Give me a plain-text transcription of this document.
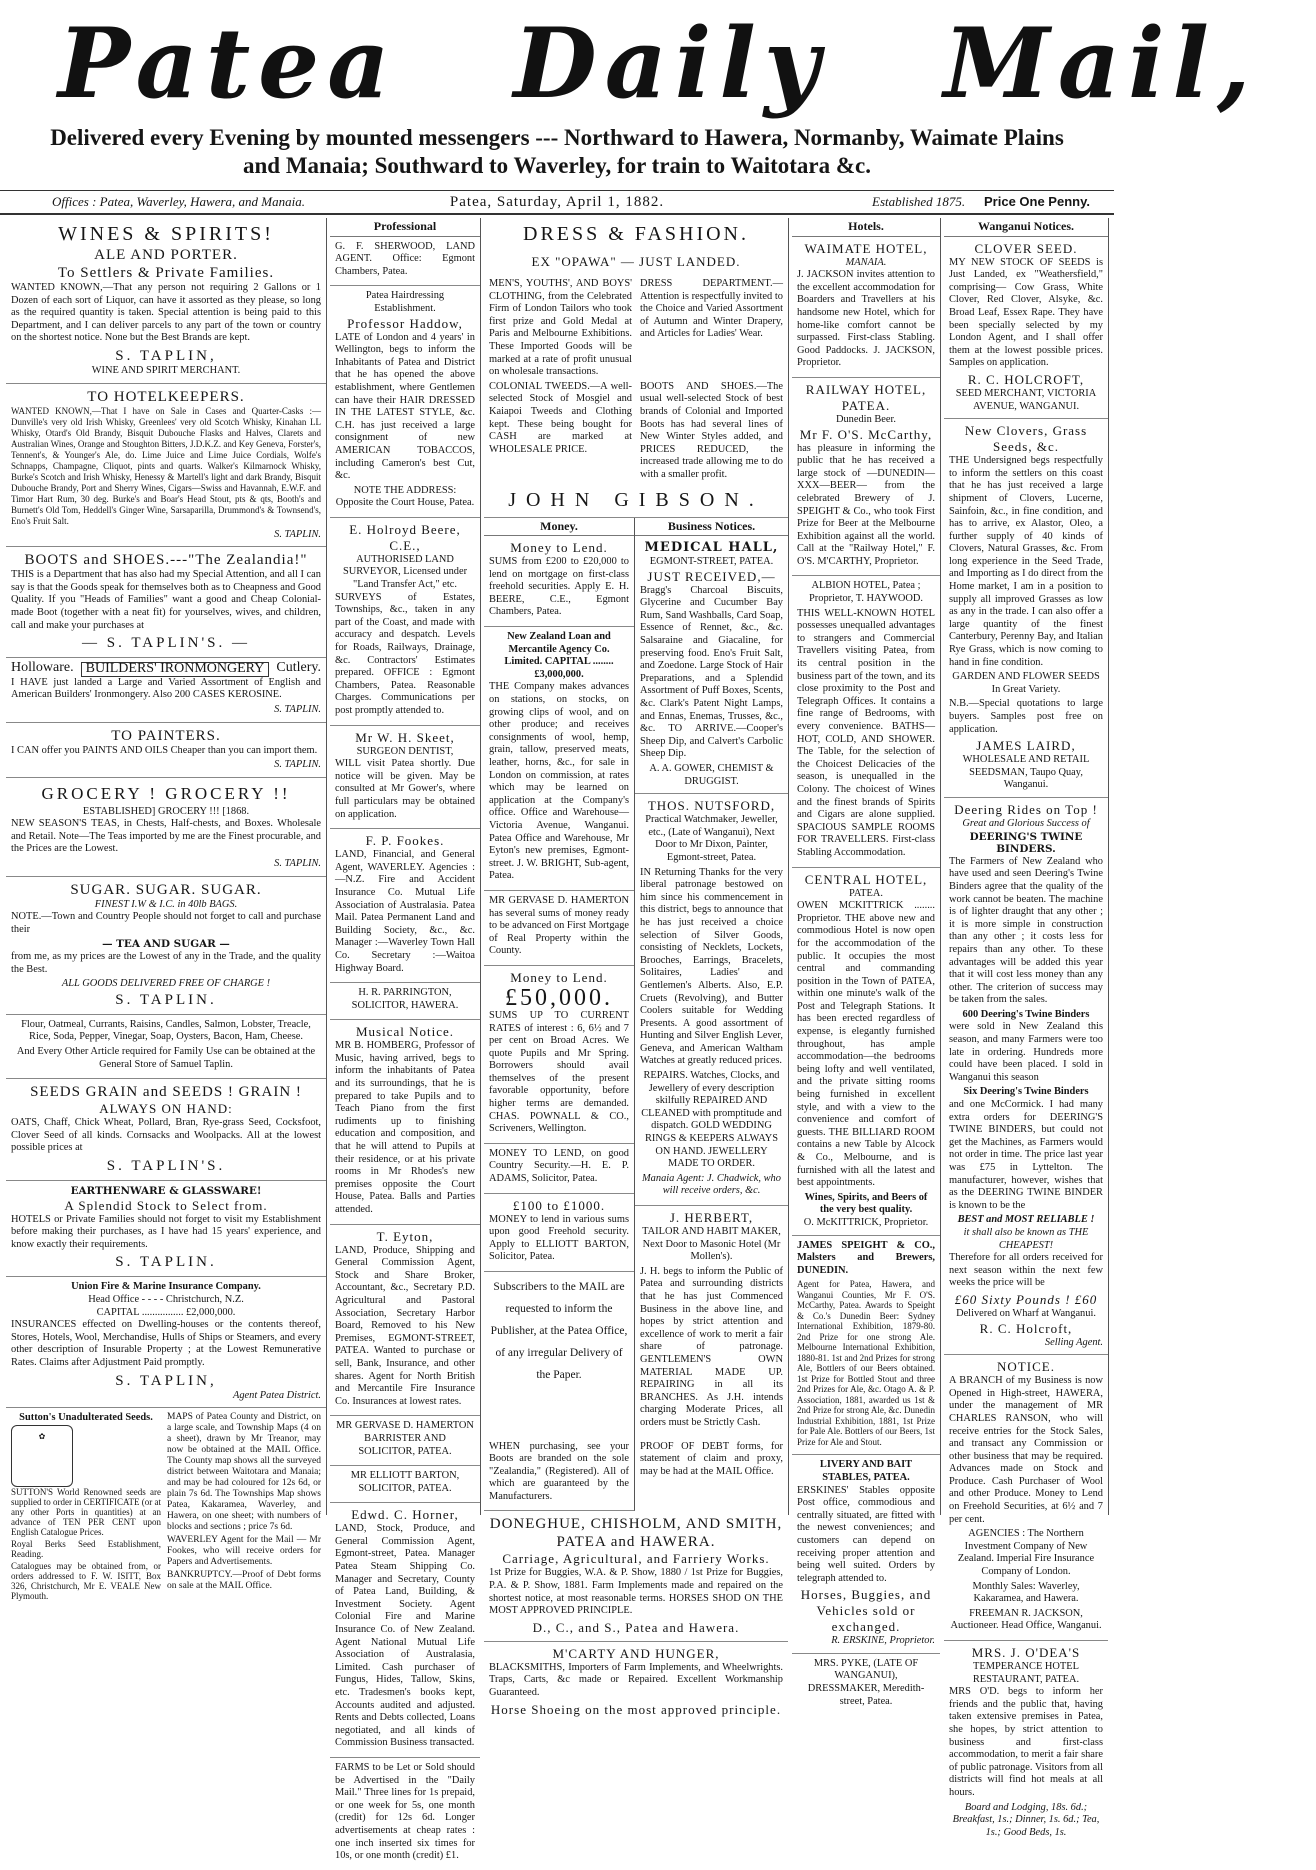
Patea Daily Mail,
Delivered every Evening by mounted messengers --- Northward to Hawera, Normanby, Waimate Plains
and Manaia; Southward to Waverley, for train to Waitotara &c.
Offices : Patea, Waverley, Hawera, and Manaia.	Patea, Saturday, April 1, 1882.	Established 1875. Price One Penny.
WINES & SPIRITS!
ALE AND PORTER.
To Settlers & Private Families.

WANTED KNOWN,—That any person not requiring 2 Gallons or 1 Dozen of each sort of Liquor, can have it assorted as they please, so long as the required quantity is taken. Special attention is being paid to this Department, and I can deliver parcels to any part of the town or country on the shortest notice. None but the Best Brands are kept.

S. TAPLIN,
WINE AND SPIRIT MERCHANT.
TO HOTELKEEPERS.

WANTED KNOWN,—That I have on Sale in Cases and Quarter-Casks :— Dunville's very old Irish Whisky, Greenlees' very old Scotch Whisky, Kinahan LL Whisky, Otard's Old Brandy, Bisquit Dubouche Flasks and Halves, Clarets and Australian Wines, Orange and Stoughton Bitters, J.D.K.Z. and Key Geneva, Forster's, Tennent's, & Younger's Ale, do. Lime Juice and Lime Juice Cordials, Wolfe's Schnapps, Champagne, Cliquot, pints and quarts. Walker's Kilmarnock Whisky, Burke's Scotch and Irish Whisky, Henessy & Martell's light and dark Brandy, Bisquit Dubouche Brandy, Port and Sherry Wines, Cigars—Swiss and Havannah, E.W.F. and Timor Hart Rum, 30 deg. Burke's and Boar's Head Stout, pts & qts, Booth's and Burnett's Old Tom, Heddell's Ginger Wine, Sarsaparilla, Drummond's & Townsend's, Eno's Fruit Salt.

S. TAPLIN.
BOOTS and SHOES.---"The Zealandia!"

THIS is a Department that has also had my Special Attention, and all I can say is that the Goods speak for themselves both as to Cheapness and Good Quality. If you "Heads of Families" want a good and Cheap Colonial-made Boot (together with a neat fit) for yourselves, wives, and children, call and make your purchases at

— S. TAPLIN'S. —
Holloware. BUILDERS' IRONMONGERY Cutlery.

I HAVE just landed a Large and Varied Assortment of English and American Builders' Ironmongery. Also 200 CASES KEROSINE.

S. TAPLIN.
TO PAINTERS.

I CAN offer you PAINTS AND OILS Cheaper than you can import them.

S. TAPLIN.
GROCERY ! GROCERY !!
ESTABLISHED] GROCERY !!! [1868.

NEW SEASON'S TEAS, in Chests, Half-chests, and Boxes. Wholesale and Retail. Note—The Teas imported by me are the Finest procurable, and the Prices are the Lowest.

S. TAPLIN.
SUGAR. SUGAR. SUGAR.
FINEST I.W & I.C. in 40lb BAGS.

NOTE.—Town and Country People should not forget to call and purchase their

— TEA AND SUGAR —

from me, as my prices are the Lowest of any in the Trade, and the quality the Best.

ALL GOODS DELIVERED FREE OF CHARGE !
S. TAPLIN.

Flour, Oatmeal, Currants, Raisins, Candles, Salmon, Lobster, Treacle, Rice, Soda, Pepper, Vinegar, Soap, Oysters, Bacon, Ham, Cheese.

And Every Other Article required for Family Use can be obtained at the General Store of Samuel Taplin.

SEEDS GRAIN and SEEDS ! GRAIN !
ALWAYS ON HAND:

OATS, Chaff, Chick Wheat, Pollard, Bran, Rye-grass Seed, Cocksfoot, Clover Seed of all kinds. Cornsacks and Woolpacks. All at the lowest possible prices at

S. TAPLIN'S.
EARTHENWARE & GLASSWARE!
A Splendid Stock to Select from.

HOTELS or Private Families should not forget to visit my Establishment before making their purchases, as I have had 15 years' experience, and know exactly their requirements.

S. TAPLIN.
Union Fire & Marine Insurance Company.
Head Office - - - - Christchurch, N.Z.
CAPITAL ................ £2,000,000.

INSURANCES effected on Dwelling-houses or the contents thereof, Stores, Hotels, Wool, Merchandise, Hulls of Ships or Steamers, and every other description of Insurable Property ; at the Lowest Remunerative Rates. Claims after Adjustment Paid promptly.

S. TAPLIN,
Agent Patea District.
Sutton's Unadulterated Seeds.
✿

SUTTON'S World Renowned seeds are supplied to order in CERTIFICATE (or at any other Ports in quantities) at an advance of TEN PER CENT upon English Catalogue Prices.

Royal Berks Seed Establishment, Reading.

Catalogues may be obtained from, or orders addressed to F. W. ISITT, Box 326, Christchurch, Mr E. VEALE New Plymouth.

MAPS of Patea County and District, on a large scale, and Township Maps (4 on a sheet), drawn by Mr Treanor, may now be obtained at the MAIL Office. The County map shows all the surveyed district between Waitotara and Manaia; and may be had coloured for 12s 6d, or plain 7s 6d. The Townships Map shows Patea, Kakaramea, Waverley, and Hawera, on one sheet; with numbers of blocks and sections ; price 7s 6d.

WAVERLEY Agent for the Mail — Mr Fookes, who will receive orders for Papers and Advertisements.

BANKRUPTCY.—Proof of Debt forms on sale at the MAIL Office.

Professional

G. F. SHERWOOD, LAND AGENT. Office: Egmont Chambers, Patea.

Patea Hairdressing Establishment.
Professor Haddow,

LATE of London and 4 years' in Wellington, begs to inform the Inhabitants of Patea and District that he has opened the above establishment, where Gentlemen can have their HAIR DRESSED IN THE LATEST STYLE, &c. C.H. has just received a large consignment of new AMERICAN TOBACCOS, including Cameron's best Cut, &c.

NOTE THE ADDRESS: Opposite the Court House, Patea.

E. Holroyd Beere, C.E.,
AUTHORISED LAND SURVEYOR, Licensed under "Land Transfer Act," etc.

SURVEYS of Estates, Townships, &c., taken in any part of the Coast, and made with accuracy and despatch. Levels for Roads, Railways, Drainage, &c. Contractors' Estimates prepared. OFFICE : Egmont Chambers, Patea. Reasonable Charges. Communications per post promptly attended to.

Mr W. H. Skeet,
SURGEON DENTIST,

WILL visit Patea shortly. Due notice will be given. May be consulted at Mr Gower's, where full particulars may be obtained on application.

F. P. Fookes.

LAND, Financial, and General Agent, WAVERLEY. Agencies :—N.Z. Fire and Accident Insurance Co. Mutual Life Association of Australasia. Patea Mail. Patea Permanent Land and Building Society, &c., &c. Manager :—Waverley Town Hall Co. Secretary :—Waitoa Highway Board.

H. R. PARRINGTON, SOLICITOR, HAWERA.

Musical Notice.

MR B. HOMBERG, Professor of Music, having arrived, begs to inform the inhabitants of Patea and its surroundings, that he is prepared to take Pupils and to Teach Piano from the first rudiments up to finishing education and composition, and that he will attend to Pupils at their residence, or at his private rooms in Mr Rhodes's new premises opposite the Court House, Patea. Balls and Parties attended.

T. Eyton,

LAND, Produce, Shipping and General Commission Agent, Stock and Share Broker, Accountant, &c., Secretary P.D. Agricultural and Pastoral Association, Secretary Harbor Board, Removed to his New Premises, EGMONT-STREET, PATEA. Wanted to purchase or sell, Bank, Insurance, and other shares. Agent for North British and Mercantile Fire Insurance Co. Insurances at lowest rates.

MR GERVASE D. HAMERTON BARRISTER AND SOLICITOR, PATEA.

MR ELLIOTT BARTON, SOLICITOR, PATEA.

Edwd. C. Horner,

LAND, Stock, Produce, and General Commission Agent, Egmont-street, Patea. Manager Patea Steam Shipping Co. Manager and Secretary, County of Patea Land, Building, & Investment Society. Agent Colonial Fire and Marine Insurance Co. of New Zealand. Agent National Mutual Life Association of Australasia, Limited. Cash purchaser of Fungus, Hides, Tallow, Skins, etc. Tradesmen's books kept, Accounts audited and adjusted. Rents and Debts collected, Loans negotiated, and all kinds of Commission Business transacted.

FARMS to be Let or Sold should be Advertised in the "Daily Mail." Three lines for 1s prepaid, or one week for 5s, one month (credit) for 12s 6d. Longer advertisements at cheap rates : one inch inserted six times for 10s, or one month (credit) £1.

DRESS & FASHION.
EX "OPAWA" — JUST LANDED.

MEN'S, YOUTHS', AND BOYS' CLOTHING, from the Celebrated Firm of London Tailors who took first prize and Gold Medal at Paris and Melbourne Exhibitions. These Imported Goods will be marked at a rate of profit unusual on wholesale transactions.

DRESS DEPARTMENT.—Attention is respectfully invited to the Choice and Varied Assortment of Autumn and Winter Drapery, and Articles for Ladies' Wear.

COLONIAL TWEEDS.—A well-selected Stock of Mosgiel and Kaiapoi Tweeds and Clothing kept. These being bought for CASH are marked at WHOLESALE PRICE.

BOOTS AND SHOES.—The usual well-selected Stock of best brands of Colonial and Imported Boots has had several lines of New Winter Styles added, and PRICES REDUCED, the increased trade allowing me to do with a smaller profit.

JOHN GIBSON.
Money.
Money to Lend.

SUMS from £200 to £20,000 to lend on mortgage on first-class freehold securities. Apply E. H. BEERE, C.E., Egmont Chambers, Patea.

New Zealand Loan and Mercantile Agency Co. Limited. CAPITAL ........ £3,000,000.

THE Company makes advances on stations, on stocks, on growing clips of wool, and on other produce; and receives consignments of wool, hemp, grain, tallow, preserved meats, leather, horns, &c., for sale in London on commission, at rates which may be learned on application at the Company's office. Office and Warehouse—Victoria Avenue, Wanganui. Patea Office and Warehouse, Mr Eyton's new premises, Egmont-street. J. W. BRIGHT, Sub-agent, Patea.

MR GERVASE D. HAMERTON has several sums of money ready to be advanced on First Mortgage of Real Property within the County.

Money to Lend.
£50,000.

SUMS UP TO CURRENT RATES of interest : 6, 6½ and 7 per cent on Broad Acres. We quote Pupils and Mr Spring. Borrowers should avail themselves of the present favorable opportunity, before higher terms are demanded. CHAS. POWNALL & CO., Scriveners, Wellington.

MONEY TO LEND, on good Country Security.—H. E. P. ADAMS, Solicitor, Patea.

£100 to £1000.

MONEY to lend in various sums upon good Freehold security. Apply to ELLIOTT BARTON, Solicitor, Patea.

Subscribers to the MAIL are requested to inform the Publisher, at the Patea Office, of any irregular Delivery of the Paper.

Business Notices.
MEDICAL HALL,
EGMONT-STREET, PATEA.
JUST RECEIVED,—

Bragg's Charcoal Biscuits, Glycerine and Cucumber Bay Rum, Sand Washballs, Card Soap, Essence of Rennet, &c., &c. Salsaraine and Giacaline, for preserving food. Eno's Fruit Salt, and Zoedone. Large Stock of Hair Preparations, and a Splendid Assortment of Puff Boxes, Scents, &c. Clark's Patent Night Lamps, and Ennas, Enemas, Trusses, &c., &c. TO ARRIVE.—Cooper's Sheep Dip, and Calvert's Carbolic Sheep Dip.

A. A. GOWER, CHEMIST & DRUGGIST.
THOS. NUTSFORD,

Practical Watchmaker, Jeweller, etc., (Late of Wanganui), Next Door to Mr Dixon, Painter, Egmont-street, Patea.

IN Returning Thanks for the very liberal patronage bestowed on him since his commencement in this district, begs to announce that he has just received a choice selection of Silver Goods, consisting of Necklets, Lockets, Brooches, Earrings, Bracelets, Solitaires, Ladies' and Gentlemen's Alberts. Also, E.P. Cruets (Revolving), and Butter Coolers suitable for Wedding Presents. A good assortment of Hunting and Silver English Lever, Geneva, and American Waltham Watches at greatly reduced prices.

REPAIRS. Watches, Clocks, and Jewellery of every description skilfully REPAIRED AND CLEANED with promptitude and dispatch. GOLD WEDDING RINGS & KEEPERS ALWAYS ON HAND. JEWELLERY MADE TO ORDER.

Manaia Agent: J. Chadwick, who will receive orders, &c.

J. HERBERT,

TAILOR AND HABIT MAKER, Next Door to Masonic Hotel (Mr Mollen's).

J. H. begs to inform the Public of Patea and surrounding districts that he has just Commenced Business in the above line, and hopes by strict attention and excellence of work to merit a fair share of patronage. GENTLEMEN'S OWN MATERIAL MADE UP. REPAIRING in all its BRANCHES. As J.H. intends charging Moderate Prices, all orders must be Strictly Cash.

WHEN purchasing, see your Boots are branded on the sole "Zealandia," (Registered). All of which are guaranteed by the Manufacturers.

PROOF OF DEBT forms, for statement of claim and proxy, may be had at the MAIL Office.

DONEGHUE, CHISHOLM, AND SMITH, PATEA and HAWERA.
Carriage, Agricultural, and Farriery Works.

1st Prize for Buggies, W.A. & P. Show, 1880 / 1st Prize for Buggies, P.A. & P. Show, 1881. Farm Implements made and repaired on the shortest notice, at most reasonable terms. HORSES SHOD ON THE MOST APPROVED PRINCIPLE.

D., C., and S., Patea and Hawera.
M'CARTY AND HUNGER,

BLACKSMITHS, Importers of Farm Implements, and Wheelwrights. Traps, Carts, &c made or Repaired. Excellent Workmanship Guaranteed.

Horse Shoeing on the most approved principle.
Hotels.
WAIMATE HOTEL,
MANAIA.

J. JACKSON invites attention to the excellent accommodation for Boarders and Travellers at his handsome new Hotel, which for home-like comfort cannot be surpassed. First-class Stabling. Good Paddocks. J. JACKSON, Proprietor.

RAILWAY HOTEL, PATEA.
Dunedin Beer.
Mr F. O'S. McCarthy,

has pleasure in informing the public that he has received a large stock of —DUNEDIN—XXX—BEER— from the celebrated Brewery of J. SPEIGHT & Co., who took First Prize for Beer at the Melbourne Exhibition against all the world. Call at the "Railway Hotel," F. O'S. M'CARTHY, Proprietor.

ALBION HOTEL, Patea ; Proprietor, T. HAYWOOD.

THIS WELL-KNOWN HOTEL possesses unequalled advantages to strangers and Commercial Travellers visiting Patea, from its central position in the business part of the town, and its close proximity to the Post and Telegraph Offices. It contains a fine range of Bedrooms, with every convenience. BATHS—HOT, COLD, AND SHOWER. The Table, for the selection of the Choicest Delicacies of the season, is unequalled in the Colony. The choicest of Wines and the finest brands of Spirits and Cigars are alone supplied. SPACIOUS SAMPLE ROOMS FOR TRAVELLERS. First-class Stabling Accommodation.

CENTRAL HOTEL,
PATEA.

OWEN MCKITTRICK ........ Proprietor. THE above new and commodious Hotel is now open for the accommodation of the public. It occupies the most central and commanding position in the Town of PATEA, within one minute's walk of the Post and Telegraph Stations. It has been erected regardless of expense, is elegantly furnished throughout, has ample accommodation—the bedrooms being lofty and well ventilated, and the private sitting rooms being furnished in excellent style, and with a view to the convenience and comfort of guests. THE BILLIARD ROOM contains a new Table by Alcock & Co., Melbourne, and is furnished with all the latest and best appointments.

Wines, Spirits, and Beers of the very best quality.
O. McKITTRICK, Proprietor.

JAMES SPEIGHT & CO., Malsters and Brewers, DUNEDIN.

Agent for Patea, Hawera, and Wanganui Counties, Mr F. O'S. McCarthy, Patea. Awards to Speight & Co.'s Dunedin Beer: Sydney International Exhibition, 1879-80. 2nd Prize for one strong Ale. Melbourne International Exhibition, 1880-81. 1st and 2nd Prizes for strong Ale, Bottlers of our Beers obtained. 1st Prize for Bottled Stout and three 2nd Prizes for Ale, &c. Otago A. & P. Association, 1881, awarded us 1st & 2nd Prize for strong Ale, &c. Dunedin Industrial Exhibition, 1881, 1st Prize for Pale Ale. Bottlers of our Beers, 1st Prize for Ale and Stout.

LIVERY AND BAIT STABLES, PATEA.

ERSKINES' Stables opposite Post office, commodious and centrally situated, are fitted with the newest conveniences; and customers can depend on receiving proper attention and being well suited. Orders by telegraph attended to.

Horses, Buggies, and Vehicles sold or exchanged.
R. ERSKINE, Proprietor.

MRS. PYKE, (LATE OF WANGANUI), DRESSMAKER, Meredith-street, Patea.

Wanganui Notices.
CLOVER SEED.

MY NEW STOCK OF SEEDS is Just Landed, ex "Weathersfield," comprising— Cow Grass, White Clover, Red Clover, Alsyke, &c. Broad Leaf, Essex Rape. They have been specially selected by my London Agent, and I shall offer them at the lowest possible prices. Samples on application.

R. C. HOLCROFT,
SEED MERCHANT, VICTORIA AVENUE, WANGANUI.
New Clovers, Grass Seeds, &c.

THE Undersigned begs respectfully to inform the settlers on this coast that he has just received a large shipment of Clovers, Lucerne, Sainfoin, &c., in fine condition, and has to arrive, ex Alastor, Oleo, a further supply of 40 kinds of Clovers, Natural Grasses, &c. From long experience in the Seed Trade, and Importing as I do direct from the Home market, I am in a position to supply all improved Grasses as low as any in the trade. I can also offer a large quantity of the finest Canterbury, Perenny Bay, and Italian Rye Grass, which is now coming to hand in fine condition.

GARDEN AND FLOWER SEEDS In Great Variety.

N.B.—Special quotations to large buyers. Samples post free on application.

JAMES LAIRD,
WHOLESALE AND RETAIL SEEDSMAN, Taupo Quay, Wanganui.
Deering Rides on Top !
Great and Glorious Success of
DEERING'S TWINE BINDERS.

The Farmers of New Zealand who have used and seen Deering's Twine Binders agree that the quality of the work cannot be beaten. The machine is of lighter draught that any other ; it is more simple in construction than any other ; it costs less for repairs than any other. To these advantages will be added this year that it will cost less money than any other. The criterion of success may be taken from the sales.

600 Deering's Twine Binders

were sold in New Zealand this season, and many Farmers were too late in ordering. Hundreds more could have been placed. I sold in Wanganui this season

Six Deering's Twine Binders

and one McCormick. I had many extra orders for DEERING'S TWINE BINDERS, but could not get the Machines, as Farmers would not order in time. The price last year was £75 in Lyttelton. The manufacturer, however, wishes that as the DEERING TWINE BINDER is known to be the

BEST and MOST RELIABLE !
it shall also be known as THE CHEAPEST!

Therefore for all orders received for next season within the next few weeks the price will be

£60 Sixty Pounds ! £60
Delivered on Wharf at Wanganui.
R. C. Holcroft,
Selling Agent.
NOTICE.

A BRANCH of my Business is now Opened in High-street, HAWERA, under the management of MR CHARLES RANSON, who will receive entries for the Stock Sales, and transact any Commission or other business that may be required. Advances made on Stock and Produce. Cash Purchaser of Wool and other Produce. Money to Lend on Freehold Securities, at 6½ and 7 per cent.

AGENCIES : The Northern Investment Company of New Zealand. Imperial Fire Insurance Company of London.

Monthly Sales: Waverley, Kakaramea, and Hawera.

FREEMAN R. JACKSON, Auctioneer. Head Office, Wanganui.

MRS. J. O'DEA'S
TEMPERANCE HOTEL RESTAURANT, PATEA.

MRS O'D. begs to inform her friends and the public that, having taken extensive premises in Patea, she hopes, by strict attention to business and first-class accommodation, to merit a fair share of public patronage. Visitors from all districts will find hot meals at all hours.

Board and Lodging, 18s. 6d.; Breakfast, 1s.; Dinner, 1s. 6d.; Tea, 1s.; Good Beds, 1s.
